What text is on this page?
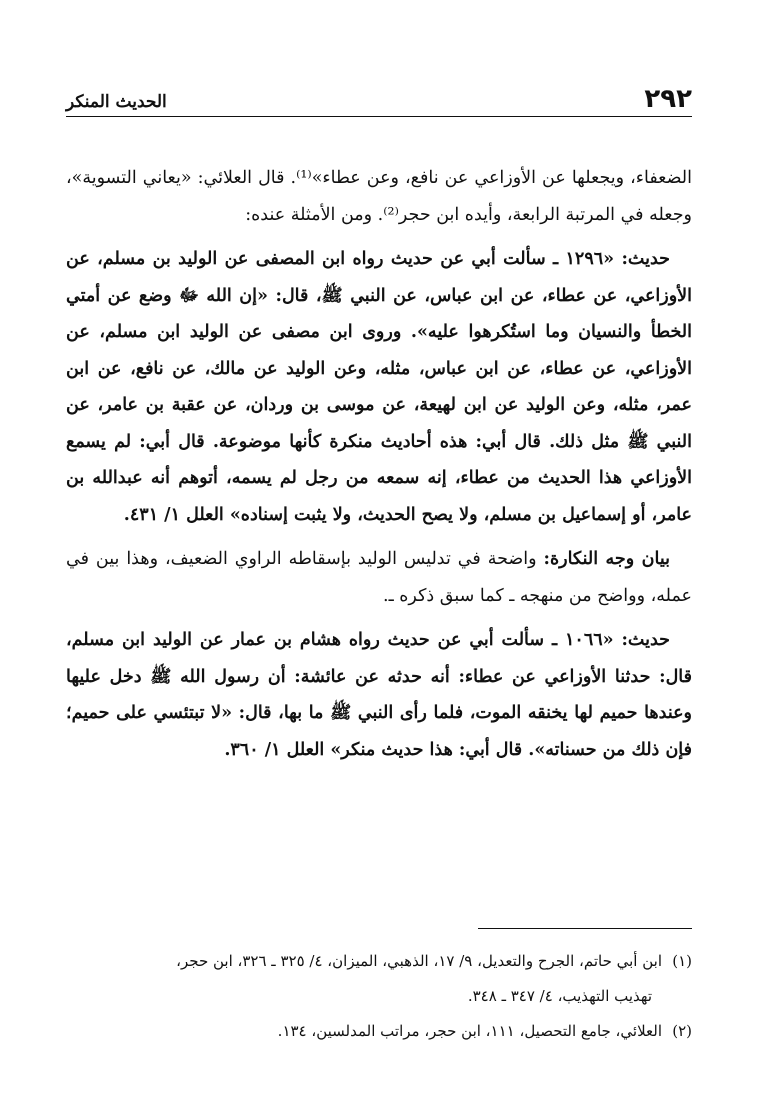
٢٩٢
الحديث المنكر

الضعفاء، ويجعلها عن الأوزاعي عن نافع، وعن عطاء»⁽¹⁾. قال العلائي: «يعاني التسوية»، وجعله في المرتبة الرابعة، وأيده ابن حجر⁽²⁾. ومن الأمثلة عنده:

حديث: «١٢٩٦ ـ سألت أبي عن حديث رواه ابن المصفى عن الوليد بن مسلم، عن الأوزاعي، عن عطاء، عن ابن عباس، عن النبي ﷺ، قال: «إن الله ﷻ وضع عن أمتي الخطأ والنسيان وما استُكرهوا عليه». وروى ابن مصفى عن الوليد ابن مسلم، عن الأوزاعي، عن عطاء، عن ابن عباس، مثله، وعن الوليد عن مالك، عن نافع، عن ابن عمر، مثله، وعن الوليد عن ابن لهيعة، عن موسى بن وردان، عن عقبة بن عامر، عن النبي ﷺ مثل ذلك. قال أبي: هذه أحاديث منكرة كأنها موضوعة. قال أبي: لم يسمع الأوزاعي هذا الحديث من عطاء، إنه سمعه من رجل لم يسمه، أتوهم أنه عبدالله بن عامر، أو إسماعيل بن مسلم، ولا يصح الحديث، ولا يثبت إسناده» العلل ١/ ٤٣١.

بيان وجه النكارة: واضحة في تدليس الوليد بإسقاطه الراوي الضعيف، وهذا بين في عمله، وواضح من منهجه ـ كما سبق ذكره ـ.

حديث: «١٠٦٦ ـ سألت أبي عن حديث رواه هشام بن عمار عن الوليد ابن مسلم، قال: حدثنا الأوزاعي عن عطاء: أنه حدثه عن عائشة: أن رسول الله ﷺ دخل عليها وعندها حميم لها يخنقه الموت، فلما رأى النبي ﷺ ما بها، قال: «لا تبتئسي على حميم؛ فإن ذلك من حسناته». قال أبي: هذا حديث منكر» العلل ١/ ٣٦٠.

(١)ابن أبي حاتم، الجرح والتعديل، ٩/ ١٧، الذهبي، الميزان، ٤/ ٣٢٥ ـ ٣٢٦، ابن حجر،

تهذيب التهذيب، ٤/ ٣٤٧ ـ ٣٤٨.

(٢)العلائي، جامع التحصيل، ١١١، ابن حجر، مراتب المدلسين، ١٣٤.
